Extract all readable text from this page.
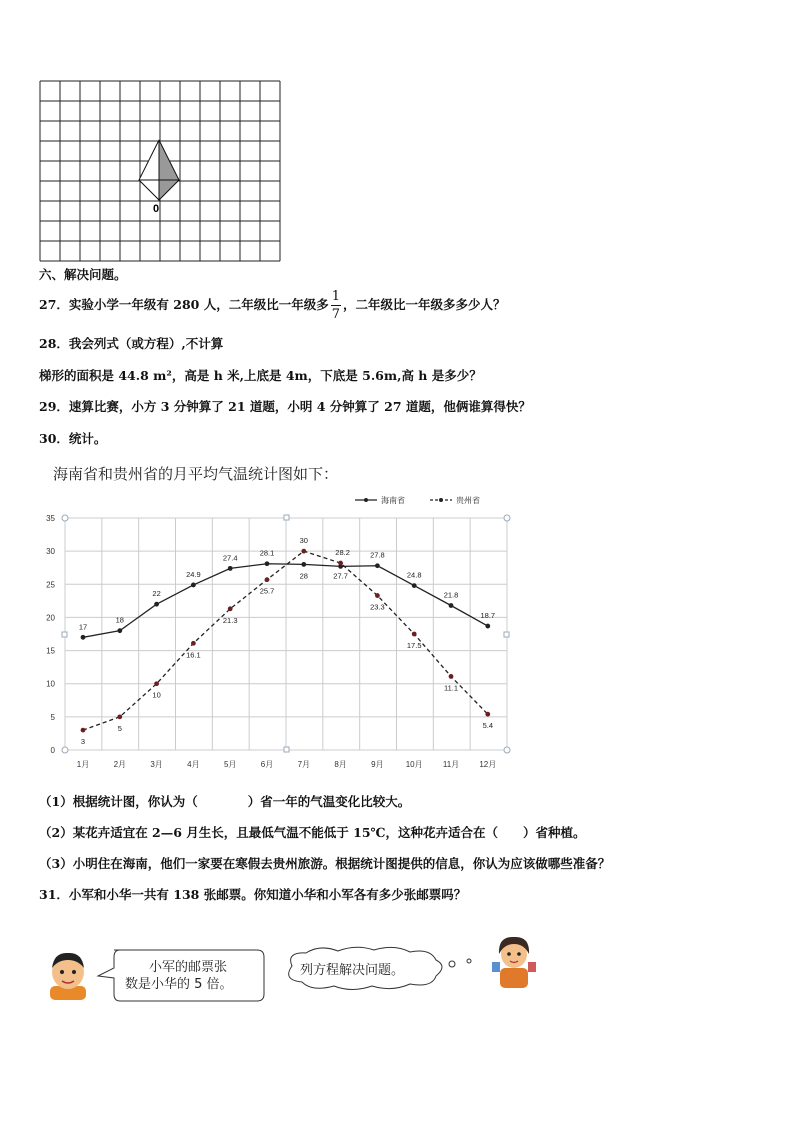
0
六、解决问题。
27．实验小学一年级有 280 人，二年级比一年级多 $\frac{1}{7}$ ，二年级比一年级多多少人？
28．我会列式（或方程）,不计算
梯形的面积是 44.8 m²，高是 h 米,上底是 4m，下底是 5.6m,高 h 是多少？
29．速算比赛，小方 3 分钟算了 21 道题，小明 4 分钟算了 27 道题，他俩谁算得快？
30．统计。
海南省和贵州省的月平均气温统计图如下：
0
5
10
15
20
25
30
35
1月	2月	3月	4月	5月	6月	7月	8月	9月	10月	11月	12月
17
18
22
24.9
27.4
28.1
28	27.7
27.8
24.8
21.8
18.7
3
5
10
16.1
21.3
25.7
30
28.2
23.3
17.5
11.1
5.4
海南省	贵州省
（1）根据统计图，你认为（　　　　）省一年的气温变化比较大。
（2）某花卉适宜在 2—6 月生长，且最低气温不能低于 15℃，这种花卉适合在（　　）省种植。
（3）小明住在海南，他们一家要在寒假去贵州旅游。根据统计图提供的信息，你认为应该做哪些准备？
31．小军和小华一共有 138 张邮票。你知道小华和小军各有多少张邮票吗？
小军的邮票张
数是小华的 5 倍。
列方程解决问题。
